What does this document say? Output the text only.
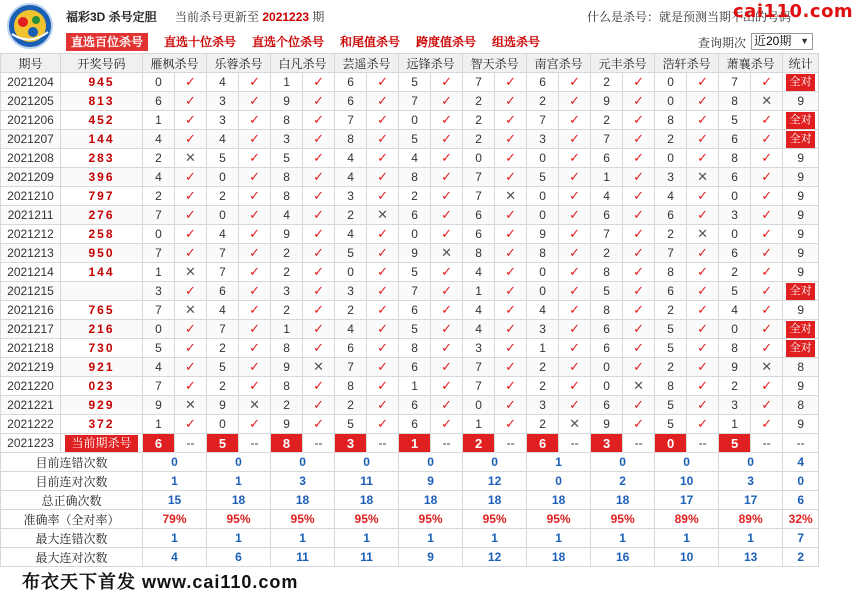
福彩3D 杀号定胆 当前杀号更新至 2021223 期	什么是杀号：就是预测当期不出的号码
cai110.com
直选百位杀号	直选十位杀号 直选个位杀号 和尾值杀号 跨度值杀号 组选杀号	查询期次 近20期 ▼
期号	开奖号码	雁枫杀号		乐蓉杀号		白凡杀号		芸遥杀号		远锋杀号		智天杀号		南宫杀号		元丰杀号		浩轩杀号		萧襄杀号		统计
2021204	945	0	✓	4	✓	1	✓	6	✓	5	✓	7	✓	6	✓	2	✓	0	✓	7	✓	全对
2021205	813	6	✓	3	✓	9	✓	6	✓	7	✓	2	✓	2	✓	9	✓	0	✓	8	✕	9
2021206	452	1	✓	3	✓	8	✓	7	✓	0	✓	2	✓	7	✓	2	✓	8	✓	5	✓	全对
2021207	144	4	✓	4	✓	3	✓	8	✓	5	✓	2	✓	3	✓	7	✓	2	✓	6	✓	全对
2021208	283	2	✕	5	✓	5	✓	4	✓	4	✓	0	✓	0	✓	6	✓	0	✓	8	✓	9
2021209	396	4	✓	0	✓	8	✓	4	✓	8	✓	7	✓	5	✓	1	✓	3	✕	6	✓	9
2021210	797	2	✓	2	✓	8	✓	3	✓	2	✓	7	✕	0	✓	4	✓	4	✓	0	✓	9
2021211	276	7	✓	0	✓	4	✓	2	✕	6	✓	6	✓	0	✓	6	✓	6	✓	3	✓	9
2021212	258	0	✓	4	✓	9	✓	4	✓	0	✓	6	✓	9	✓	7	✓	2	✕	0	✓	9
2021213	950	7	✓	7	✓	2	✓	5	✓	9	✕	8	✓	8	✓	2	✓	7	✓	6	✓	9
2021214	144	1	✕	7	✓	2	✓	0	✓	5	✓	4	✓	0	✓	8	✓	8	✓	2	✓	9
2021215		3	✓	6	✓	3	✓	3	✓	7	✓	1	✓	0	✓	5	✓	6	✓	5	✓	全对
2021216	765	7	✕	4	✓	2	✓	2	✓	6	✓	4	✓	4	✓	8	✓	2	✓	4	✓	9
2021217	216	0	✓	7	✓	1	✓	4	✓	5	✓	4	✓	3	✓	6	✓	5	✓	0	✓	全对
2021218	730	5	✓	2	✓	8	✓	6	✓	8	✓	3	✓	1	✓	6	✓	5	✓	8	✓	全对
2021219	921	4	✓	5	✓	9	✕	7	✓	6	✓	7	✓	2	✓	0	✓	2	✓	9	✕	8
2021220	023	7	✓	2	✓	8	✓	8	✓	1	✓	7	✓	2	✓	0	✕	8	✓	2	✓	9
2021221	929	9	✕	9	✕	2	✓	2	✓	6	✓	0	✓	3	✓	6	✓	5	✓	3	✓	8
2021222	372	1	✓	0	✓	9	✓	5	✓	6	✓	1	✓	2	✕	9	✓	5	✓	1	✓	9
2021223	当前期杀号	6	--	5	--	8	--	3	--	1	--	2	--	6	--	3	--	0	--	5	--	--
目前连错次数		0		0		0		0		0		0		1		0		0		0		4
目前连对次数		1		1		3		11		9		12		0		2		10		3		0
总正确次数		15		18		18		18		18		18		18		18		17		17		6
准确率（全对率）		79%		95%		95%		95%		95%		95%		95%		95%		89%		89%		32%
最大连错次数		1		1		1		1		1		1		1		1		1		1		7
最大连对次数		4		6		11		11		9		12		18		16		10		13		2
布衣天下首发 www.cai110.com
